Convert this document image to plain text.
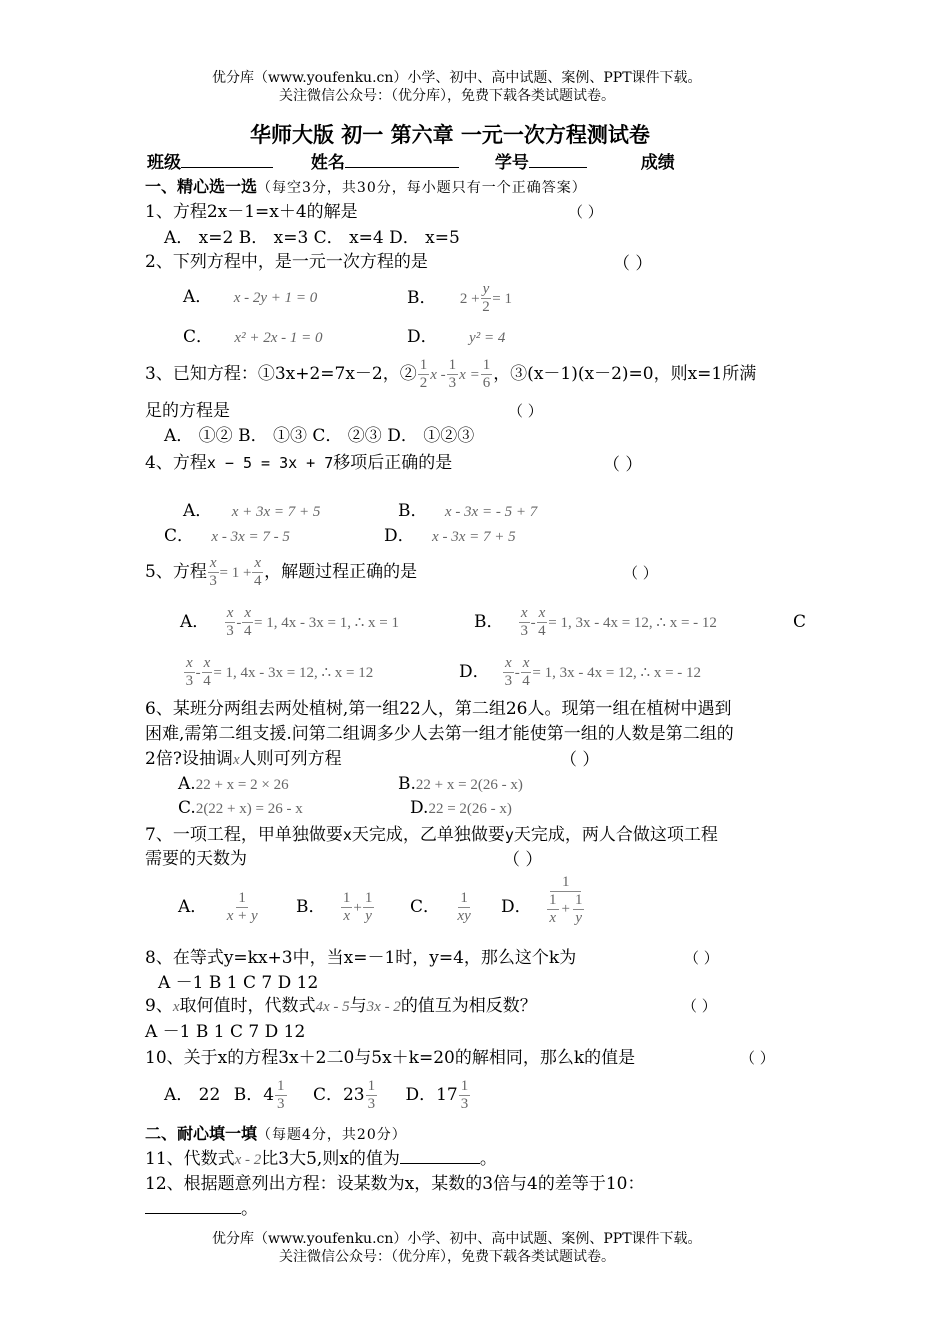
优分库（www.youfenku.cn）小学、初中、高中试题、案例、PPT课件下载。
关注微信公众号：（优分库），免费下载各类试题试卷。
华师大版 初一 第六章 一元一次方程测试卷
班级	姓名	学号	成绩
一、精心选一选（每空3分，共30分，每小题只有一个正确答案）
1、方程2x－1=x＋4的解是	（ ）
A． x=2 B． x=3 C． x=4 D． x=5
2、下列方程中，是一元一次方程的是	（ ）
A． x - 2y + 1 = 0	B． $2 + \frac{y}{2} = 1$
C． x² + 2x - 1 = 0	D． y² = 4
3、已知方程：①3x+2=7x－2，② $\frac{1}{2}$ x - $\frac{1}{3}$ $x = \frac{1}{6}$ ，③(x－1)(x－2)=0，则x=1所满
足的方程是	（ ）
A． ①② B． ①③ C． ②③ D． ①②③
4、方程x − 5 = 3x + 7移项后正确的是	（ ）
A． x + 3x = 7 + 5	B． x - 3x = - 5 + 7
C． x - 3x = 7 - 5	D． x - 3x = 7 + 5
5、方程 $\frac{x}{3} = 1 + \frac{x}{4}$ ，解题过程正确的是	（ ）
A． $\frac{x}{3} - \frac{x}{4} = 1$, 4x - 3x = 1, ∴ x = 1	B． $\frac{x}{3} - \frac{x}{4} = 1$, 3x - 4x = 12, ∴ x = - 12	C
$\frac{x}{3} - \frac{x}{4} = 1$, 4x - 3x = 12, ∴ x = 12	D． $\frac{x}{3} - \frac{x}{4} = 1$, 3x - 4x = 12, ∴ x = - 12
6、某班分两组去两处植树,第一组22人，第二组26人。现第一组在植树中遇到
困难,需第二组支援.问第二组调多少人去第一组才能使第一组的人数是第二组的
2倍?设抽调x人则可列方程	（ ）
A.22 + x = 2 × 26	B.22 + x = 2(26 - x)
C.2(22 + x) = 26 - x	D.22 = 2(26 - x)
7、一项工程，甲单独做要x天完成，乙单独做要y天完成，两人合做这项工程
需要的天数为	（ ）
A． $\frac{1}{x + y}$ B． $\frac{1}{x} + \frac{1}{y}$ C． $\frac{1}{xy}$ D． $\frac{1}{\frac{1}{x} + \frac{1}{y}}$
8、在等式y=kx+3中，当x=－1时，y=4，那么这个k为	（ ）
A －1 B 1 C 7 D 12
9、x取何值时，代数式4x - 5与3x - 2的值互为相反数？	（ ）
A －1 B 1 C 7 D 12
10、关于x的方程3x＋2二0与5x＋k=20的解相同，那么k的值是	（ ）
A． 22 B．$4 \frac{1}{3}$ C．$23 \frac{1}{3}$ D．$17 \frac{1}{3}$
二、耐心填一填（每题4分，共20分）
11、代数式x - 2比3大5,则x的值为	。
12、根据题意列出方程：设某数为x，某数的3倍与4的差等于10：
。
优分库（www.youfenku.cn）小学、初中、高中试题、案例、PPT课件下载。
关注微信公众号：（优分库），免费下载各类试题试卷。
